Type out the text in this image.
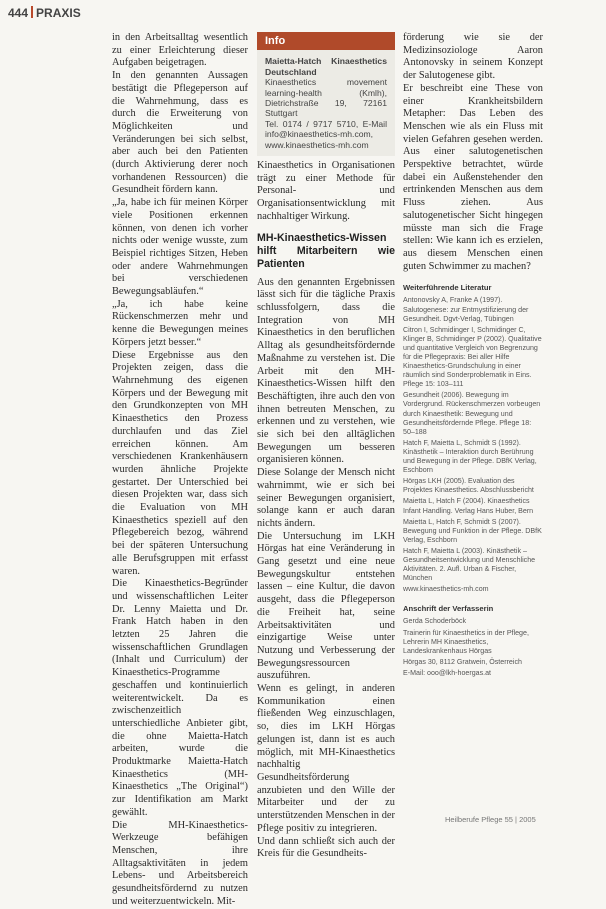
444 PRAXIS

in den Arbeitsalltag wesentlich zu einer Erleichterung dieser Aufgaben beigetragen.

In den genannten Aussagen bestätigt die Pflegeperson auf die Wahrnehmung, dass es durch die Erweiterung von Möglichkeiten und Veränderungen bei sich selbst, aber auch bei den Patienten (durch Aktivierung derer noch vorhandenen Ressourcen) die Gesundheit fördern kann.

„Ja, habe ich für meinen Körper viele Positionen erkennen können, von denen ich vorher nichts oder wenige wusste, zum Beispiel richtiges Sitzen, Heben oder andere Wahrnehmungen bei verschiedenen Bewegungsabläufen.“

„Ja, ich habe keine Rückenschmerzen mehr und kenne die Bewegungen meines Körpers jetzt besser.“

Diese Ergebnisse aus den Projekten zeigen, dass die Wahrnehmung des eigenen Körpers und der Bewegung mit den Grundkonzepten von MH Kinaesthetics den Prozess durchlaufen und das Ziel erreichen können. Am verschiedenen Krankenhäusern wurden ähnliche Projekte gestartet. Der Unterschied bei diesen Projekten war, dass sich die Evaluation von MH Kinaesthetics speziell auf den Pflegebereich bezog, während bei der späteren Untersuchung alle Berufsgruppen mit erfasst waren.

Die Kinaesthetics-Begründer und wissenschaftlichen Leiter Dr. Lenny Maietta und Dr. Frank Hatch haben in den letzten 25 Jahren die wissenschaftlichen Grundlagen (Inhalt und Curriculum) der Kinaesthetics-Programme geschaffen und kontinuierlich weiterentwickelt. Da es zwischenzeitlich unterschiedliche Anbieter gibt, die ohne Maietta-Hatch arbeiten, wurde die Produktmarke Maietta-Hatch Kinaesthetics (MH-Kinaesthetics „The Original“) zur Identifikation am Markt gewählt.

Die MH-Kinaesthetics-Werkzeuge befähigen Menschen, ihre Alltagsaktivitäten in jedem Lebens- und Arbeitsbereich gesundheitsfördernd zu nutzen und weiterzuentwickeln. Mit-

Info
Maietta-Hatch Kinaesthetics Deutschland
Kinaesthetics movement learning-health (Kmlh), Dietrichstraße 19, 72161 Stuttgart
Tel. 0174 / 9717 5710, E-Mail info@kinaesthetics-mh.com,
www.kinaesthetics-mh.com

Kinaesthetics in Organisationen trägt zu einer Methode für Personal- und Organisationsentwicklung mit nachhaltiger Wirkung.

MH-Kinaesthetics-Wissen hilft Mitarbeitern wie Patienten

Aus den genannten Ergebnissen lässt sich für die tägliche Praxis schlussfolgern, dass die Integration von MH Kinaesthetics in den beruflichen Alltag als gesundheitsfördernde Maßnahme zu verstehen ist. Die Arbeit mit den MH-Kinaesthetics-Wissen hilft den Beschäftigten, ihre auch den von ihnen betreuten Menschen, zu erkennen und zu verstehen, wie sie sich bei den alltäglichen Bewegungen um besseren organisieren können.

Diese Solange der Mensch nicht wahrnimmt, wie er sich bei seiner Bewegungen organisiert, solange kann er auch daran nichts ändern.

Die Untersuchung im LKH Hörgas hat eine Veränderung in Gang gesetzt und eine neue Bewegungskultur entstehen lassen – eine Kultur, die davon ausgeht, dass die Pflegeperson die Freiheit hat, seine Arbeitsaktivitäten und einzigartige Weise unter Nutzung und Verbesserung der Bewegungsressourcen auszuführen.

Wenn es gelingt, in anderen Kommunikation einen fließenden Weg einzuschlagen, so, dies im LKH Hörgas gelungen ist, dann ist es auch möglich, mit MH-Kinaesthetics nachhaltig Gesundheitsförderung anzubieten und den Wille der Mitarbeiter und der zu unterstützenden Menschen in der Pflege positiv zu integrieren.

Und dann schließt sich auch der Kreis für die Gesundheits-

förderung wie sie der Medizinsoziologe Aaron Antonovsky in seinem Konzept der Salutogenese gibt.

Er beschreibt eine These von einer Krankheitsbildern Metapher: Das Leben des Menschen wie als ein Fluss mit vielen Gefahren gesehen werden. Aus einer salutogenetischen Perspektive betrachtet, würde dabei ein Außenstehender den ertrinkenden Menschen aus dem Fluss ziehen. Aus salutogenetischer Sicht hingegen müsste man sich die Frage stellen: Wie kann ich es erzielen, aus diesem Menschen einen guten Schwimmer zu machen?

Weiterführende Literatur

Antonovsky A, Franke A (1997). Salutogenese: zur Entmystifizierung der Gesundheit. Dgvt-Verlag, Tübingen

Citron I, Schmidinger I, Schmidinger C, Klinger B, Schmidinger P (2002). Qualitative und quantitative Vergleich von Begrenzung für die Pflegepraxis: Bei aller Hilfe Kinaesthetics-Grundschulung in einer räumlich sind Sonderproblematik in Eins. Pflege 15: 103–111

Gesundheit (2006). Bewegung im Vordergrund. Rückenschmerzen vorbeugen durch Kinaesthetik: Bewegung und Gesundheitsfördernde Pflege. Pflege 18: 50–188

Hatch F, Maietta L, Schmidt S (1992). Kinästhetik – Interaktion durch Berührung und Bewegung in der Pflege. DBfK Verlag, Eschborn

Hörgas LKH (2005). Evaluation des Projektes Kinaesthetics. Abschlussbericht

Maietta L, Hatch F (2004). Kinaesthetics Infant Handling. Verlag Hans Huber, Bern

Maietta L, Hatch F, Schmidt S (2007). Bewegung und Funktion in der Pflege. DBfK Verlag, Eschborn

Hatch F, Maietta L (2003). Kinästhetik – Gesundheitsentwicklung und Menschliche Aktivitäten. 2. Aufl. Urban & Fischer, München

www.kinaesthetics-mh.com

Anschrift der Verfasserin

Gerda Schoderböck

Trainerin für Kinaesthetics in der Pflege, Lehrerin MH Kinaesthetics, Landeskrankenhaus Hörgas

Hörgas 30, 8112 Gratwein, Österreich

E-Mail: ooo@lkh-hoergas.at

Heilberufe Pflege 55 | 2005
